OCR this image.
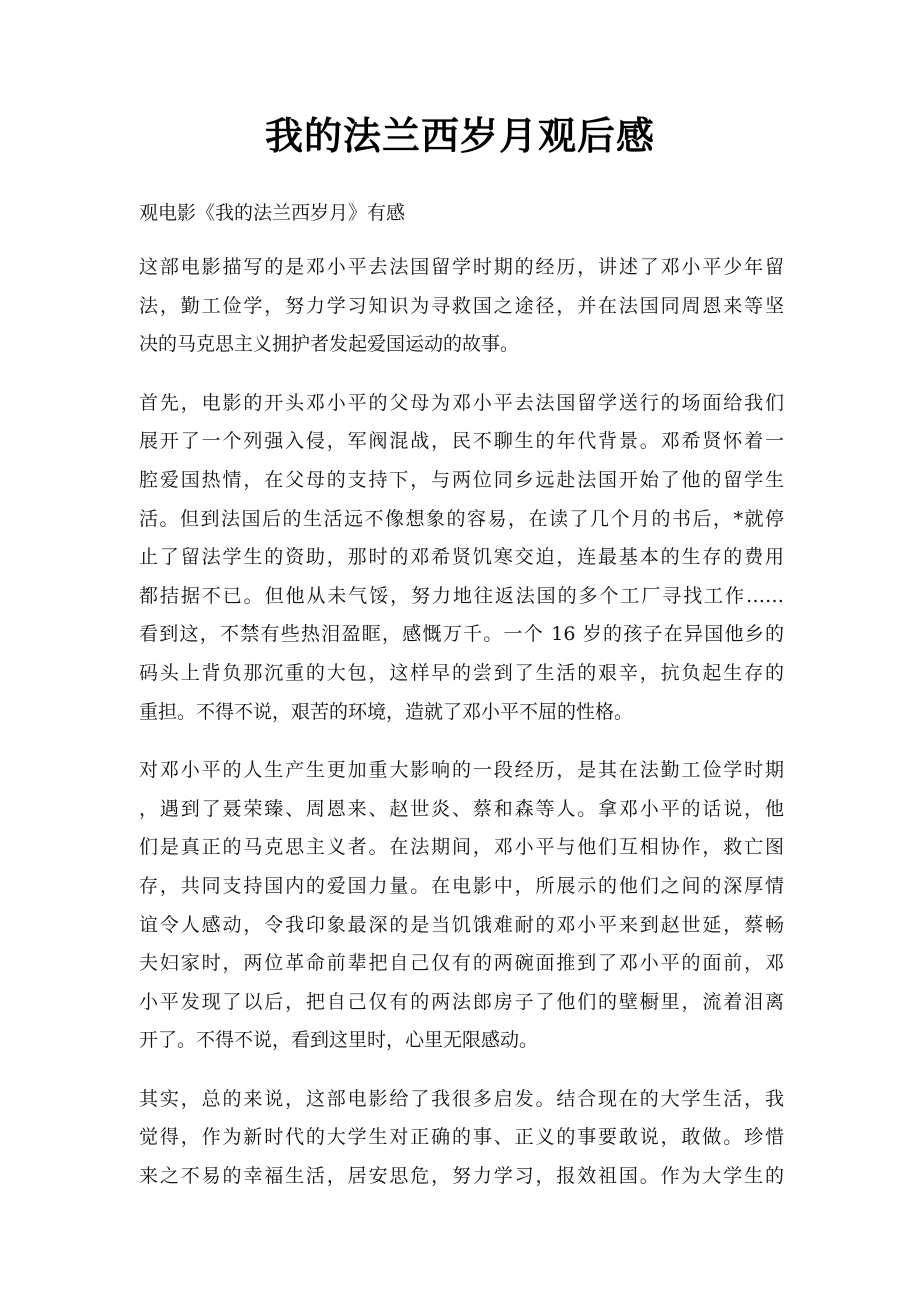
我的法兰西岁月观后感

观电影《我的法兰西岁月》有感

这部电影描写的是邓小平去法国留学时期的经历，讲述了邓小平少年留
法，勤工俭学，努力学习知识为寻救国之途径，并在法国同周恩来等坚
决的马克思主义拥护者发起爱国运动的故事。
首先，电影的开头邓小平的父母为邓小平去法国留学送行的场面给我们
展开了一个列强入侵，军阀混战，民不聊生的年代背景。邓希贤怀着一
腔爱国热情，在父母的支持下，与两位同乡远赴法国开始了他的留学生
活。但到法国后的生活远不像想象的容易，在读了几个月的书后，*就停
止了留法学生的资助，那时的邓希贤饥寒交迫，连最基本的生存的费用
都拮据不已。但他从未气馁，努力地往返法国的多个工厂寻找工作……
看到这，不禁有些热泪盈眶，感慨万千。一个 16 岁的孩子在异国他乡的
码头上背负那沉重的大包，这样早的尝到了生活的艰辛，抗负起生存的
重担。不得不说，艰苦的环境，造就了邓小平不屈的性格。
对邓小平的人生产生更加重大影响的一段经历，是其在法勤工俭学时期
，遇到了聂荣臻、周恩来、赵世炎、蔡和森等人。拿邓小平的话说，他
们是真正的马克思主义者。在法期间，邓小平与他们互相协作，救亡图
存，共同支持国内的爱国力量。在电影中，所展示的他们之间的深厚情
谊令人感动，令我印象最深的是当饥饿难耐的邓小平来到赵世延，蔡畅
夫妇家时，两位革命前辈把自己仅有的两碗面推到了邓小平的面前，邓
小平发现了以后，把自己仅有的两法郎房子了他们的壁橱里，流着泪离
开了。不得不说，看到这里时，心里无限感动。
其实，总的来说，这部电影给了我很多启发。结合现在的大学生活，我
觉得，作为新时代的大学生对正确的事、正义的事要敢说，敢做。珍惜
来之不易的幸福生活，居安思危，努力学习，报效祖国。作为大学生的
